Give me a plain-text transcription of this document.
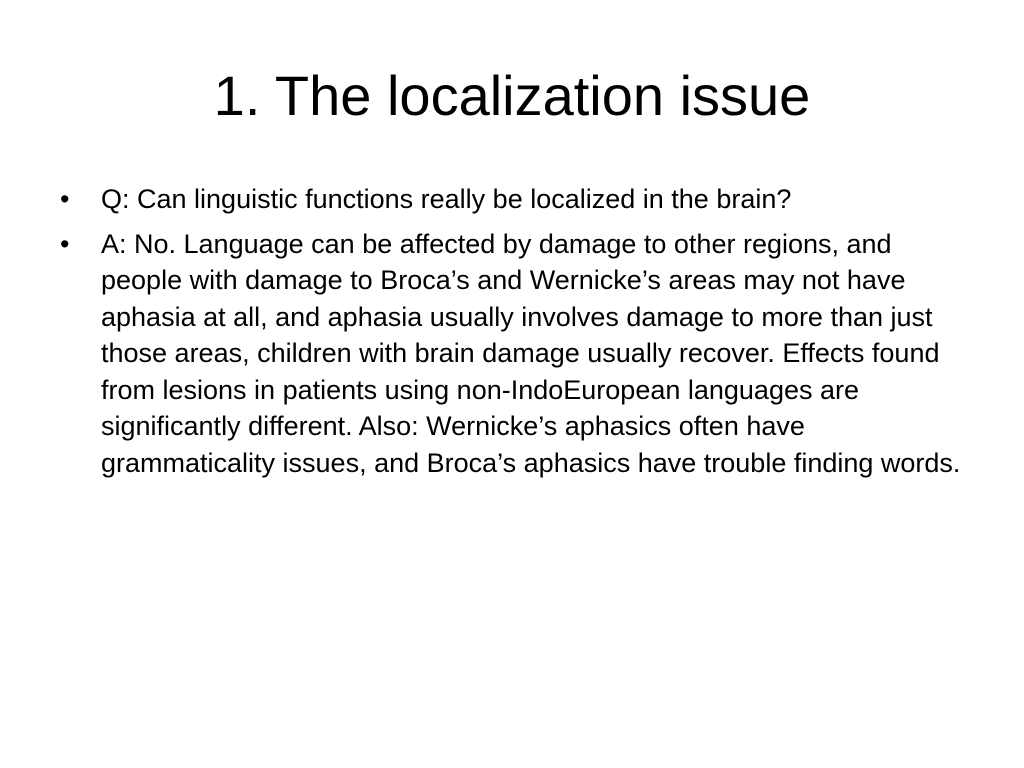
1. The localization issue
•	Q: Can linguistic functions really be localized in the brain?
•	A: No. Language can be affected by damage to other regions, and people with damage to Broca’s and Wernicke’s areas may not have aphasia at all, and aphasia usually involves damage to more than just those areas, children with brain damage usually recover. Effects found from lesions in patients using non-IndoEuropean languages are significantly different. Also: Wernicke’s aphasics often have grammaticality issues, and Broca’s aphasics have trouble finding words.
